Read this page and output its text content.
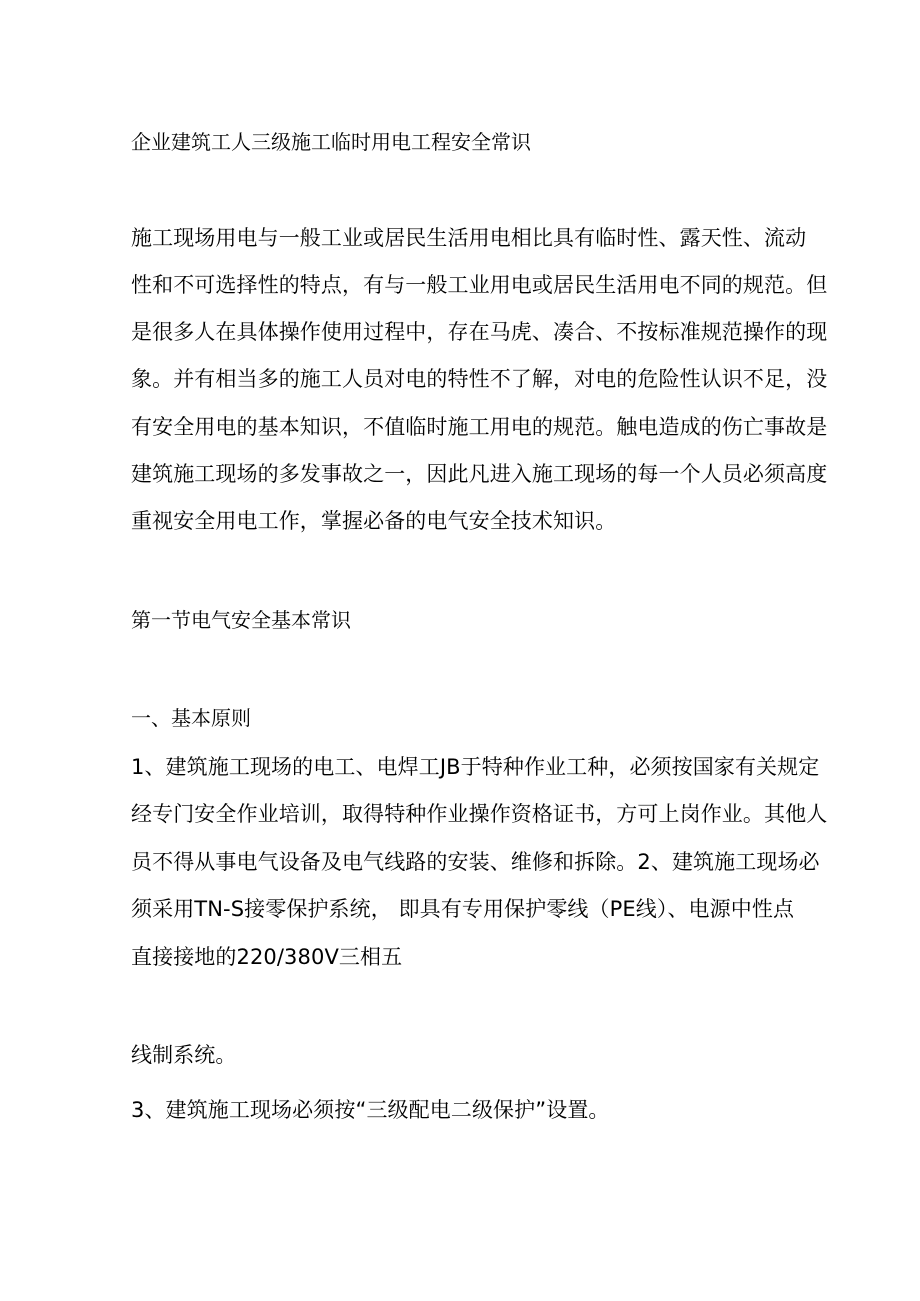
企业建筑工人三级施工临时用电工程安全常识
施工现场用电与一般工业或居民生活用电相比具有临时性、露天性、流动
性和不可选择性的特点，有与一般工业用电或居民生活用电不同的规范。但
是很多人在具体操作使用过程中，存在马虎、凑合、不按标准规范操作的现
象。并有相当多的施工人员对电的特性不了解，对电的危险性认识不足，没
有安全用电的基本知识，不值临时施工用电的规范。触电造成的伤亡事故是
建筑施工现场的多发事故之一，因此凡进入施工现场的每一个人员必须高度
重视安全用电工作，掌握必备的电气安全技术知识。
第一节电气安全基本常识
一、基本原则
1、建筑施工现场的电工、电焊工JB于特种作业工种，必须按国家有关规定
经专门安全作业培训，取得特种作业操作资格证书，方可上岗作业。其他人
员不得从事电气设备及电气线路的安装、维修和拆除。2、建筑施工现场必
须采用TN-S接零保护系统， 即具有专用保护零线（PE线）、电源中性点
直接接地的220/380V三相五
线制系统。
3、建筑施工现场必须按“三级配电二级保护”设置。
